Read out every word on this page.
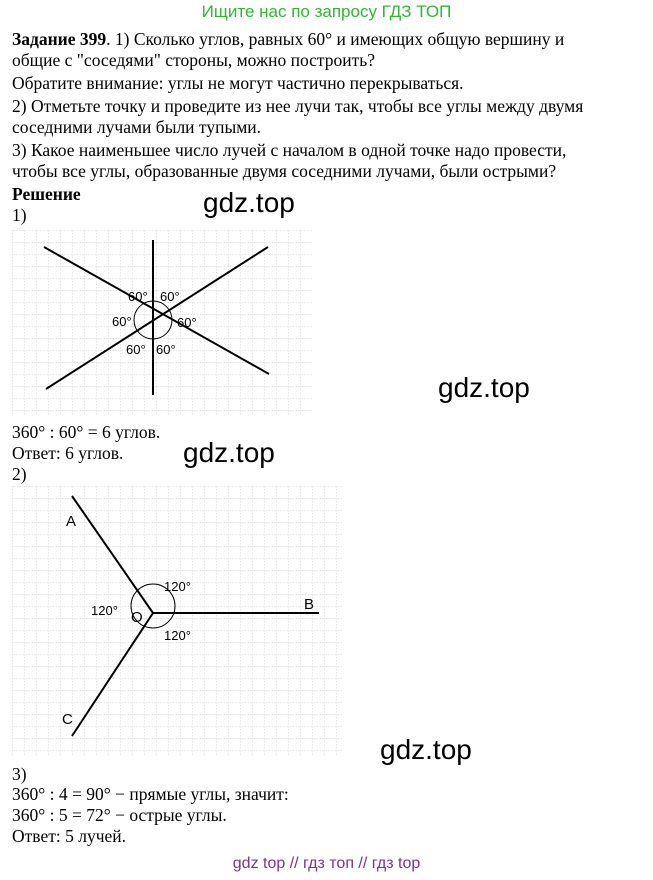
Ищите нас по запросу ГДЗ ТОП
Задание 399. 1) Сколько углов, равных 60° и имеющих общую вершину и
общие с "соседями" стороны, можно построить?
Обратите внимание: углы не могут частично перекрываться.
2) Отметьте точку и проведите из нее лучи так, чтобы все углы между двумя
соседними лучами были тупыми.
3) Какое наименьшее число лучей с началом в одной точке надо провести,
чтобы все углы, образованные двумя соседними лучами, были острыми?
Решение
1)	gdz.top
gdz.top
gdz.top
gdz.top
60° 60°
60°	60°
60° 60°
360° : 60° = 6 углов.
Ответ: 6 углов.
2)
A
O
B
C
120°
120°
120°
3)
360° : 4 = 90° − прямые углы, значит:
360° : 5 = 72° − острые углы.
Ответ: 5 лучей.
gdz top // гдз топ // гдз top
